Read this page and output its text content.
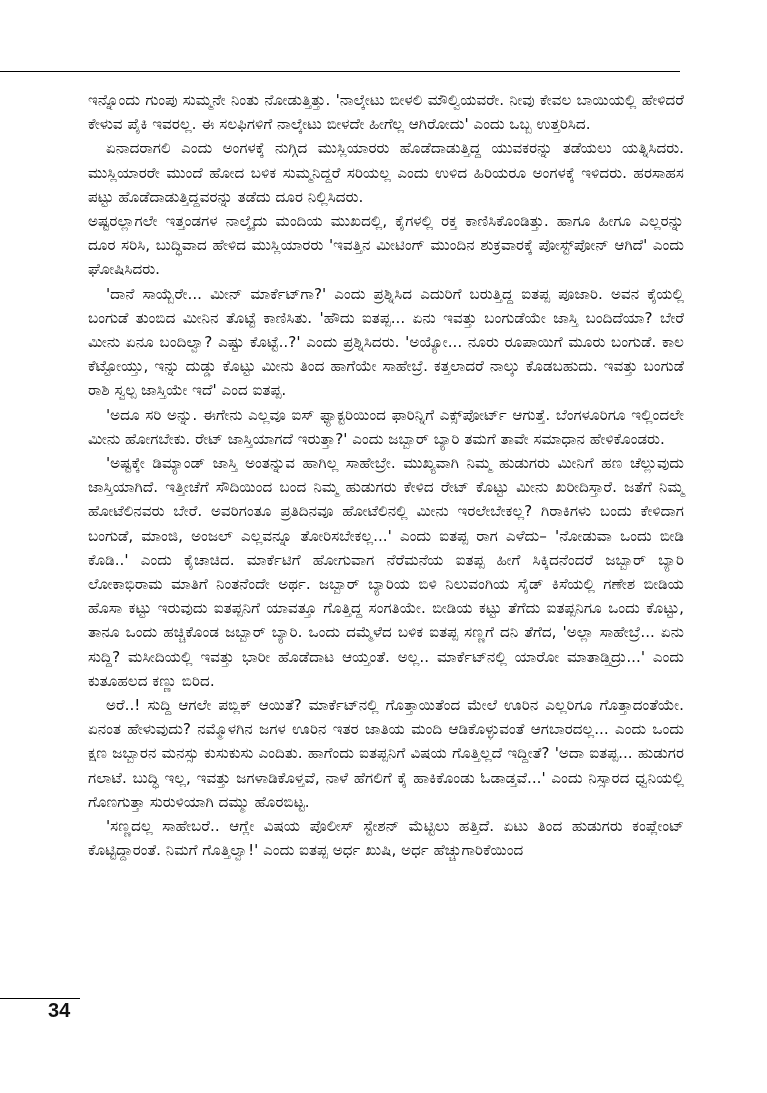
ಇನ್ನೊಂದು ಗುಂಪು ಸುಮ್ಮನೇ ನಿಂತು ನೋಡುತ್ತಿತ್ತು. 'ನಾಲ್ಕೇಟು ಬೀಳಲಿ ಮೌಲ್ವಿಯವರೇ. ನೀವು ಕೇವಲ ಬಾಯಿಯಲ್ಲಿ ಹೇಳಿದರೆ ಕೇಳುವ ಪೈಕಿ ಇವರಲ್ಲ. ಈ ಸಲಫಿಗಳಿಗೆ ನಾಲ್ಕೇಟು ಬೀಳದೇ ಹೀಗೆಲ್ಲ ಆಗಿರೋದು' ಎಂದು ಒಬ್ಬ ಉತ್ತರಿಸಿದ.

ಏನಾದರಾಗಲಿ ಎಂದು ಅಂಗಳಕ್ಕೆ ನುಗ್ಗಿದ ಮುಸ್ಲಿಯಾರರು ಹೊಡೆದಾಡುತ್ತಿದ್ದ ಯುವಕರನ್ನು ತಡೆಯಲು ಯತ್ನಿಸಿದರು. ಮುಸ್ಲಿಯಾರರೇ ಮುಂದೆ ಹೋದ ಬಳಿಕ ಸುಮ್ಮನಿದ್ದರೆ ಸರಿಯಲ್ಲ ಎಂದು ಉಳಿದ ಹಿರಿಯರೂ ಅಂಗಳಕ್ಕೆ ಇಳಿದರು. ಹರಸಾಹಸ ಪಟ್ಟು ಹೊಡೆದಾಡುತ್ತಿದ್ದವರನ್ನು ತಡೆದು ದೂರ ನಿಲ್ಲಿಸಿದರು.

ಅಷ್ಟರಲ್ಲಾಗಲೇ ಇತ್ತಂಡಗಳ ನಾಲ್ಕೈದು ಮಂದಿಯ ಮುಖದಲ್ಲಿ, ಕೈಗಳಲ್ಲಿ ರಕ್ತ ಕಾಣಿಸಿಕೊಂಡಿತ್ತು. ಹಾಗೂ ಹೀಗೂ ಎಲ್ಲರನ್ನು ದೂರ ಸರಿಸಿ, ಬುದ್ಧಿವಾದ ಹೇಳಿದ ಮುಸ್ಲಿಯಾರರು 'ಇವತ್ತಿನ ಮೀಟಿಂಗ್ ಮುಂದಿನ ಶುಕ್ರವಾರಕ್ಕೆ ಪೋಸ್ಟ್‌ಪೋನ್ ಆಗಿದೆ' ಎಂದು ಘೋಷಿಸಿದರು.

'ದಾನೆ ಸಾಯ್ಬೆರೇ... ಮೀನ್ ಮಾರ್ಕೆಟ್‌ಗಾ?' ಎಂದು ಪ್ರಶ್ನಿಸಿದ ಎದುರಿಗೆ ಬರುತ್ತಿದ್ದ ಐತಪ್ಪ ಪೂಜಾರಿ. ಅವನ ಕೈಯಲ್ಲಿ ಬಂಗುಡೆ ತುಂಬಿದ ಮೀನಿನ ತೊಟ್ಟೆ ಕಾಣಿಸಿತು. 'ಹೌದು ಐತಪ್ಪ... ಏನು ಇವತ್ತು ಬಂಗುಡೆಯೇ ಜಾಸ್ತಿ ಬಂದಿದೆಯಾ? ಬೇರೆ ಮೀನು ಏನೂ ಬಂದಿಲ್ವಾ? ಎಷ್ಟು ಕೊಟ್ಟೆ..?' ಎಂದು ಪ್ರಶ್ನಿಸಿದರು. 'ಅಯ್ಯೋ... ನೂರು ರೂಪಾಯಿಗೆ ಮೂರು ಬಂಗುಡೆ. ಕಾಲ ಕೆಟ್ಟೋಯ್ತು, ಇನ್ನು ದುಡ್ಡು ಕೊಟ್ಟು ಮೀನು ತಿಂದ ಹಾಗೆಯೇ ಸಾಹೇಬ್ರೆ. ಕತ್ತಲಾದರೆ ನಾಲ್ಕು ಕೊಡಬಹುದು. ಇವತ್ತು ಬಂಗುಡೆ ರಾಶಿ ಸ್ವಲ್ಪ ಜಾಸ್ತಿಯೇ ಇದೆ' ಎಂದ ಐತಪ್ಪ.

'ಅದೂ ಸರಿ ಅನ್ನು. ಈಗೇನು ಎಲ್ಲವೂ ಐಸ್ ಫ್ಯಾಕ್ಟರಿಯಿಂದ ಫಾರಿನ್ನಿಗೆ ಎಕ್ಸ್‌ಪೋರ್ಟ್ ಆಗುತ್ತೆ. ಬೆಂಗಳೂರಿಗೂ ಇಲ್ಲಿಂದಲೇ ಮೀನು ಹೋಗಬೇಕು. ರೇಟ್ ಜಾಸ್ತಿಯಾಗದೆ ಇರುತ್ತಾ?' ಎಂದು ಜಬ್ಬಾರ್ ಬ್ಯಾರಿ ತಮಗೆ ತಾವೇ ಸಮಾಧಾನ ಹೇಳಿಕೊಂಡರು.

'ಅಷ್ಟಕ್ಕೇ ಡಿಮ್ಯಾಂಡ್ ಜಾಸ್ತಿ ಅಂತನ್ನುವ ಹಾಗಿಲ್ಲ ಸಾಹೇಬ್ರೇ. ಮುಖ್ಯವಾಗಿ ನಿಮ್ಮ ಹುಡುಗರು ಮೀನಿಗೆ ಹಣ ಚೆಲ್ಲುವುದು ಜಾಸ್ತಿಯಾಗಿದೆ. ಇತ್ತೀಚೆಗೆ ಸೌದಿಯಿಂದ ಬಂದ ನಿಮ್ಮ ಹುಡುಗರು ಕೇಳಿದ ರೇಟ್ ಕೊಟ್ಟು ಮೀನು ಖರೀದಿಸ್ತಾರೆ. ಜತೆಗೆ ನಿಮ್ಮ ಹೋಟೆಲಿನವರು ಬೇರೆ. ಅವರಿಗಂತೂ ಪ್ರತಿದಿನವೂ ಹೋಟೆಲಿನಲ್ಲಿ ಮೀನು ಇರಲೇಬೇಕಲ್ಲ? ಗಿರಾಕಿಗಳು ಬಂದು ಕೇಳಿದಾಗ ಬಂಗುಡೆ, ಮಾಂಜಿ, ಅಂಜಲ್ ಎಲ್ಲವನ್ನೂ ತೋರಿಸಬೇಕಲ್ಲ...' ಎಂದು ಐತಪ್ಪ ರಾಗ ಎಳೆದು– 'ನೋಡುವಾ ಒಂದು ಬೀಡಿ ಕೊಡಿ..' ಎಂದು ಕೈಚಾಚಿದ. ಮಾರ್ಕೆಟಿಗೆ ಹೋಗುವಾಗ ನೆರೆಮನೆಯ ಐತಪ್ಪ ಹೀಗೆ ಸಿಕ್ಕಿದನೆಂದರೆ ಜಬ್ಬಾರ್ ಬ್ಯಾರಿ ಲೋಕಾಭಿರಾಮ ಮಾತಿಗೆ ನಿಂತನೆಂದೇ ಅರ್ಥ. ಜಬ್ಬಾರ್ ಬ್ಯಾರಿಯ ಬಿಳಿ ನಿಲುವಂಗಿಯ ಸೈಡ್ ಕಿಸೆಯಲ್ಲಿ ಗಣೇಶ ಬೀಡಿಯ ಹೊಸಾ ಕಟ್ಟು ಇರುವುದು ಐತಪ್ಪನಿಗೆ ಯಾವತ್ತೂ ಗೊತ್ತಿದ್ದ ಸಂಗತಿಯೇ. ಬೀಡಿಯ ಕಟ್ಟು ತೆಗೆದು ಐತಪ್ಪನಿಗೂ ಒಂದು ಕೊಟ್ಟು, ತಾನೂ ಒಂದು ಹಚ್ಚಿಕೊಂಡ ಜಬ್ಬಾರ್ ಬ್ಯಾರಿ. ಒಂದು ದಮ್ಮೆಳೆದ ಬಳಿಕ ಐತಪ್ಪ ಸಣ್ಣಗೆ ದನಿ ತೆಗೆದ, 'ಅಲ್ಲಾ ಸಾಹೇಬ್ರೆ... ಏನು ಸುದ್ದಿ? ಮಸೀದಿಯಲ್ಲಿ ಇವತ್ತು ಭಾರೀ ಹೊಡೆದಾಟ ಆಯ್ತಂತೆ. ಅಲ್ಲ.. ಮಾರ್ಕೆಟ್‌ನಲ್ಲಿ ಯಾರೋ ಮಾತಾಡ್ತಿದ್ರು...' ಎಂದು ಕುತೂಹಲದ ಕಣ್ಣು ಬಿರಿದ.

ಅರೆ..! ಸುದ್ದಿ ಆಗಲೇ ಪಬ್ಲಿಕ್ ಆಯಿತೆ? ಮಾರ್ಕೆಟ್‌ನಲ್ಲಿ ಗೊತ್ತಾಯಿತೆಂದ ಮೇಲೆ ಊರಿನ ಎಲ್ಲರಿಗೂ ಗೊತ್ತಾದಂತೆಯೇ. ಏನಂತ ಹೇಳುವುದು? ನಮ್ಮೊಳಗಿನ ಜಗಳ ಊರಿನ ಇತರ ಜಾತಿಯ ಮಂದಿ ಆಡಿಕೊಳ್ಳುವಂತೆ ಆಗಬಾರದಲ್ಲ... ಎಂದು ಒಂದು ಕ್ಷಣ ಜಬ್ಬಾರನ ಮನಸ್ಸು ಕುಸುಕುಸು ಎಂದಿತು. ಹಾಗೆಂದು ಐತಪ್ಪನಿಗೆ ವಿಷಯ ಗೊತ್ತಿಲ್ಲದೆ ಇದ್ದೀತೆ? 'ಅದಾ ಐತಪ್ಪ... ಹುಡುಗರ ಗಲಾಟೆ. ಬುದ್ಧಿ ಇಲ್ಲ, ಇವತ್ತು ಜಗಳಾಡಿಕೊಳ್ತವೆ, ನಾಳೆ ಹೆಗಲಿಗೆ ಕೈ ಹಾಕಿಕೊಂಡು ಓಡಾಡ್ತವೆ...' ಎಂದು ನಿಸ್ಸಾರದ ಧ್ವನಿಯಲ್ಲಿ ಗೊಣಗುತ್ತಾ ಸುರುಳಿಯಾಗಿ ದಮ್ಮು ಹೊರಬಿಟ್ಟ.

'ಸಣ್ಣದಲ್ಲ ಸಾಹೇಬರೆ.. ಆಗ್ಲೇ ವಿಷಯ ಪೊಲೀಸ್ ಸ್ಟೇಶನ್ ಮೆಟ್ಟಿಲು ಹತ್ತಿದೆ. ಏಟು ತಿಂದ ಹುಡುಗರು ಕಂಪ್ಲೇಂಟ್ ಕೊಟ್ಟಿದ್ದಾರಂತೆ. ನಿಮಗೆ ಗೊತ್ತಿಲ್ವಾ!' ಎಂದು ಐತಪ್ಪ ಅರ್ಧ ಖುಷಿ, ಅರ್ಧ ಹೆಚ್ಚುಗಾರಿಕೆಯಿಂದ

34
